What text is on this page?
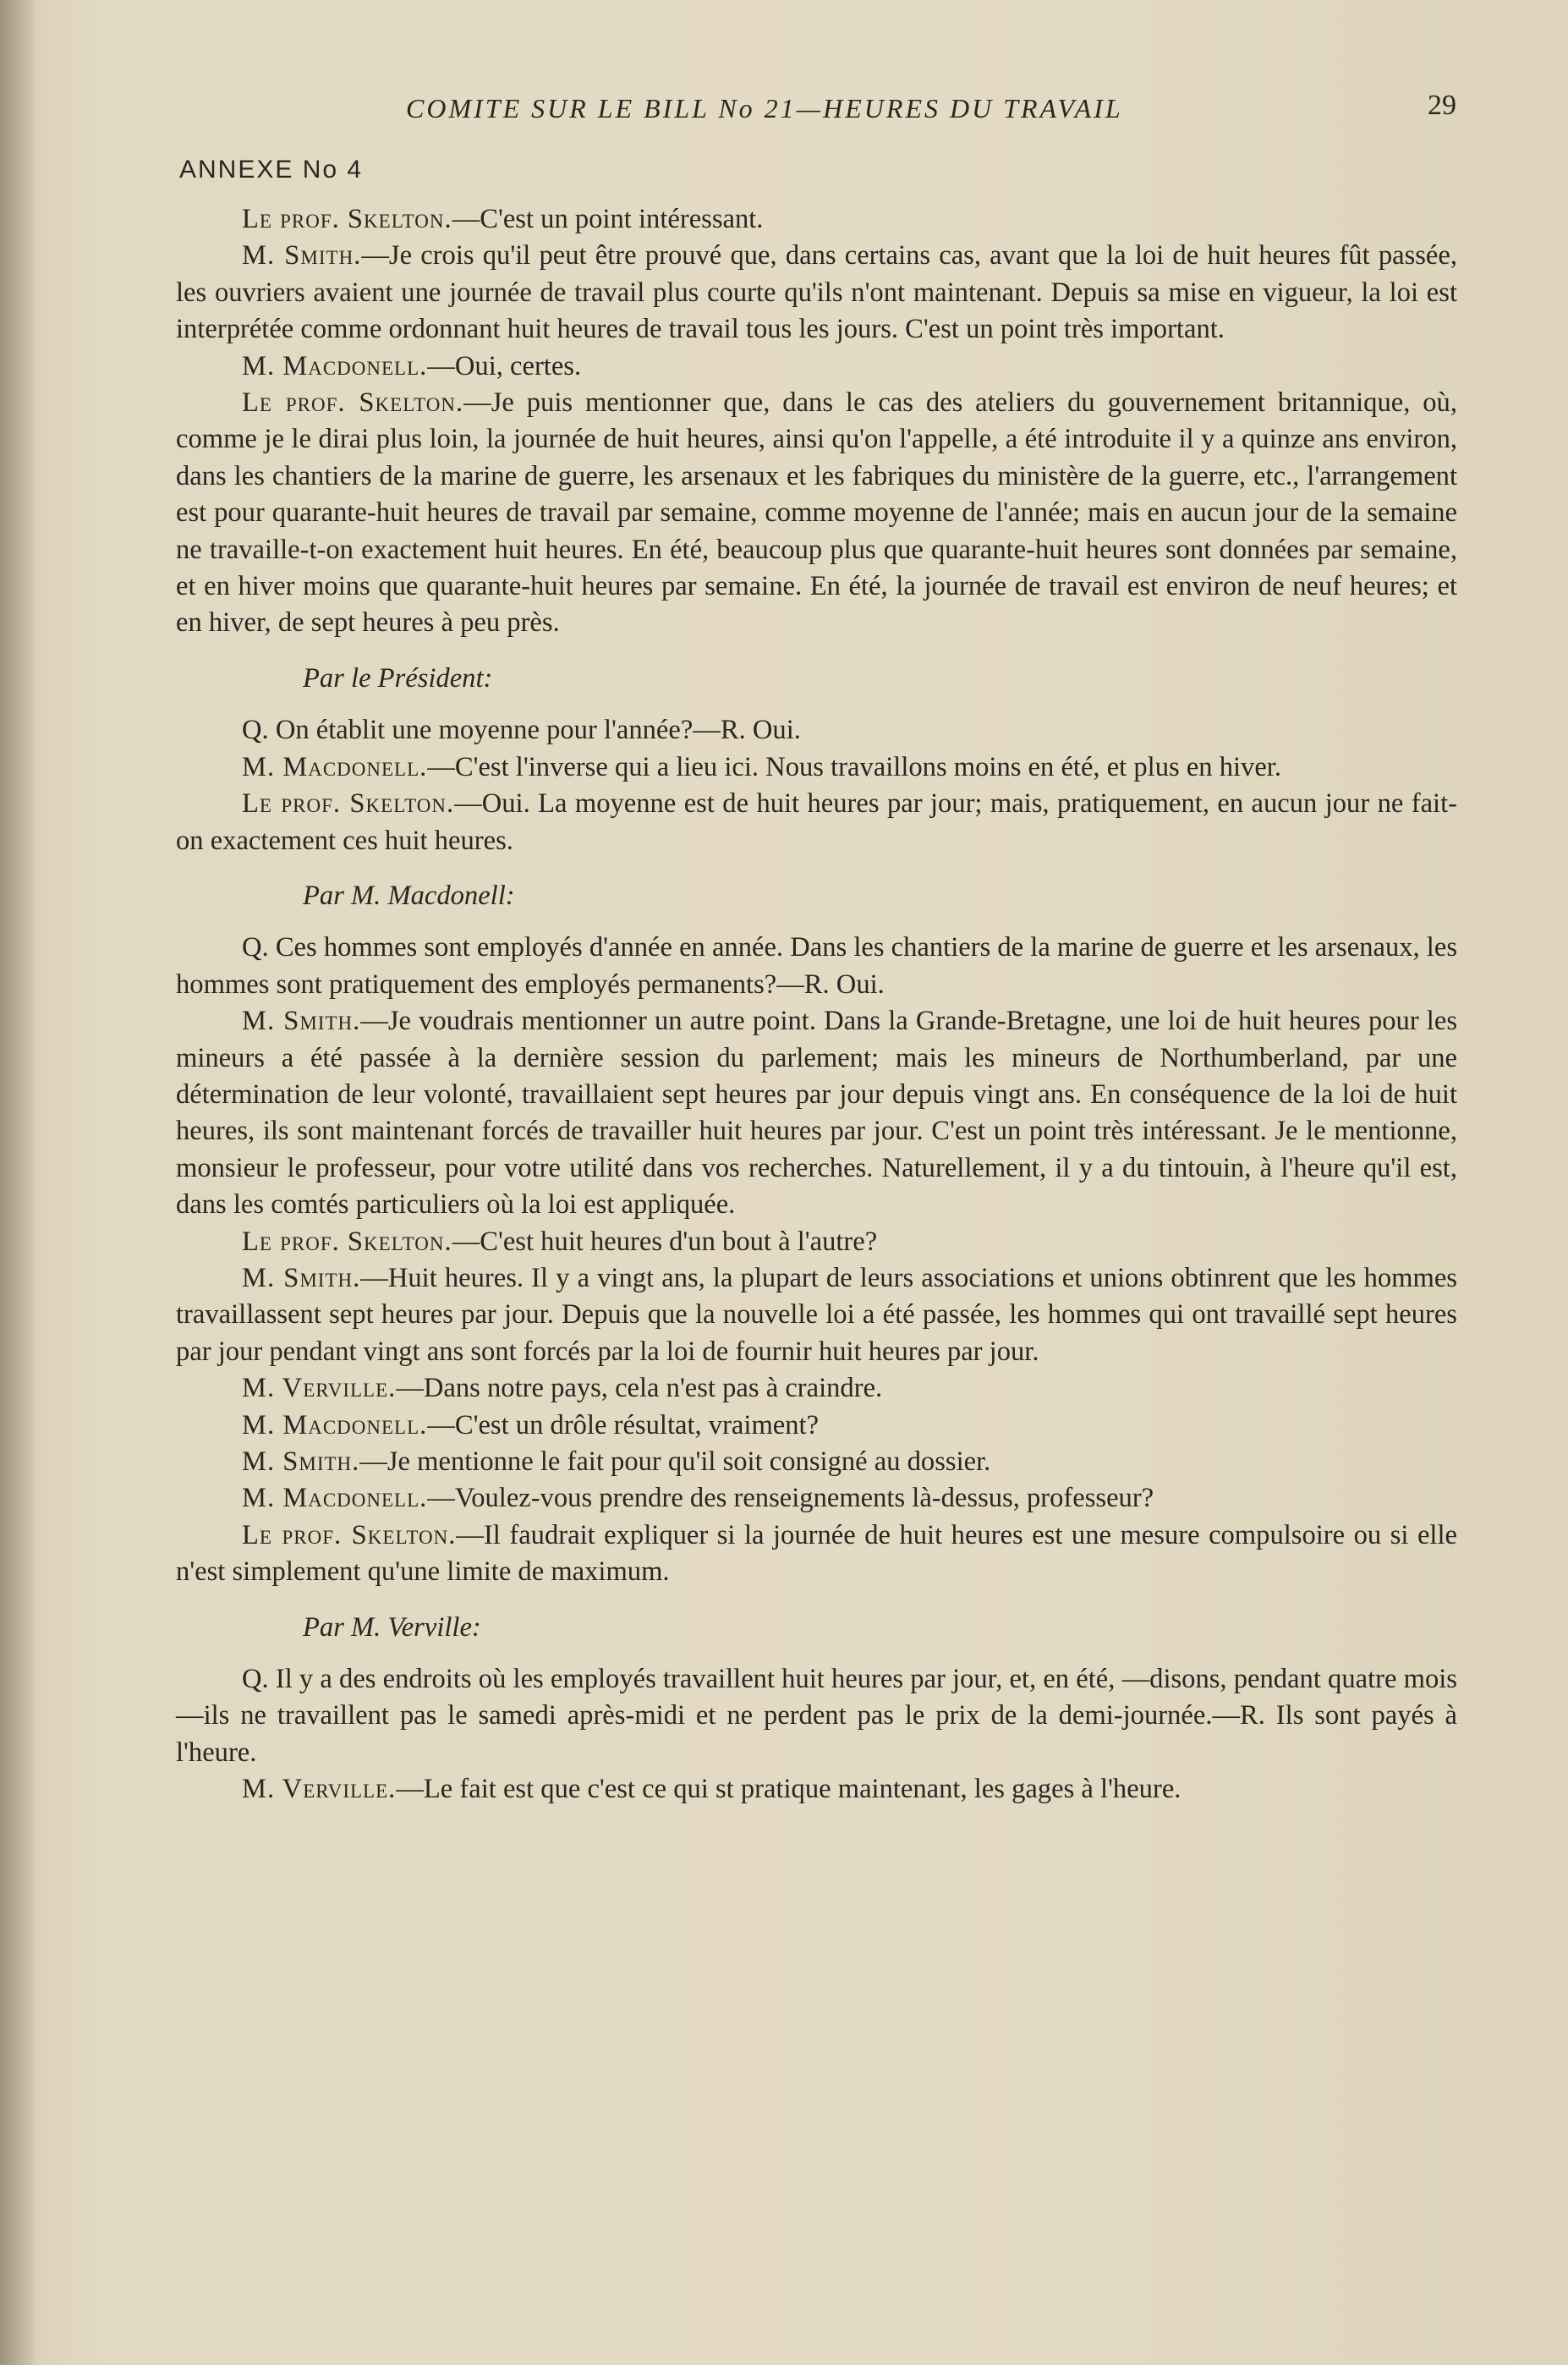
COMITE SUR LE BILL No 21—HEURES DU TRAVAIL	29
ANNEXE No 4

Le prof. Skelton.—C'est un point intéressant.

M. Smith.—Je crois qu'il peut être prouvé que, dans certains cas, avant que la loi de huit heures fût passée, les ouvriers avaient une journée de travail plus courte qu'ils n'ont maintenant. Depuis sa mise en vigueur, la loi est interprétée comme ordonnant huit heures de travail tous les jours. C'est un point très important.

M. Macdonell.—Oui, certes.

Le prof. Skelton.—Je puis mentionner que, dans le cas des ateliers du gouvernement britannique, où, comme je le dirai plus loin, la journée de huit heures, ainsi qu'on l'appelle, a été introduite il y a quinze ans environ, dans les chantiers de la marine de guerre, les arsenaux et les fabriques du ministère de la guerre, etc., l'arrangement est pour quarante-huit heures de travail par semaine, comme moyenne de l'année; mais en aucun jour de la semaine ne travaille-t-on exactement huit heures. En été, beaucoup plus que quarante-huit heures sont données par semaine, et en hiver moins que quarante-huit heures par semaine. En été, la journée de travail est environ de neuf heures; et en hiver, de sept heures à peu près.

Par le Président:

Q. On établit une moyenne pour l'année?—R. Oui.

M. Macdonell.—C'est l'inverse qui a lieu ici. Nous travaillons moins en été, et plus en hiver.

Le prof. Skelton.—Oui. La moyenne est de huit heures par jour; mais, pratiquement, en aucun jour ne fait-on exactement ces huit heures.

Par M. Macdonell:

Q. Ces hommes sont employés d'année en année. Dans les chantiers de la marine de guerre et les arsenaux, les hommes sont pratiquement des employés permanents?—R. Oui.

M. Smith.—Je voudrais mentionner un autre point. Dans la Grande-Bretagne, une loi de huit heures pour les mineurs a été passée à la dernière session du parlement; mais les mineurs de Northumberland, par une détermination de leur volonté, travaillaient sept heures par jour depuis vingt ans. En conséquence de la loi de huit heures, ils sont maintenant forcés de travailler huit heures par jour. C'est un point très intéressant. Je le mentionne, monsieur le professeur, pour votre utilité dans vos recherches. Naturellement, il y a du tintouin, à l'heure qu'il est, dans les comtés particuliers où la loi est appliquée.

Le prof. Skelton.—C'est huit heures d'un bout à l'autre?

M. Smith.—Huit heures. Il y a vingt ans, la plupart de leurs associations et unions obtinrent que les hommes travaillassent sept heures par jour. Depuis que la nouvelle loi a été passée, les hommes qui ont travaillé sept heures par jour pendant vingt ans sont forcés par la loi de fournir huit heures par jour.

M. Verville.—Dans notre pays, cela n'est pas à craindre.

M. Macdonell.—C'est un drôle résultat, vraiment?

M. Smith.—Je mentionne le fait pour qu'il soit consigné au dossier.

M. Macdonell.—Voulez-vous prendre des renseignements là-dessus, professeur?

Le prof. Skelton.—Il faudrait expliquer si la journée de huit heures est une mesure compulsoire ou si elle n'est simplement qu'une limite de maximum.

Par M. Verville:

Q. Il y a des endroits où les employés travaillent huit heures par jour, et, en été, —disons, pendant quatre mois—ils ne travaillent pas le samedi après-midi et ne perdent pas le prix de la demi-journée.—R. Ils sont payés à l'heure.

M. Verville.—Le fait est que c'est ce qui st pratique maintenant, les gages à l'heure.
